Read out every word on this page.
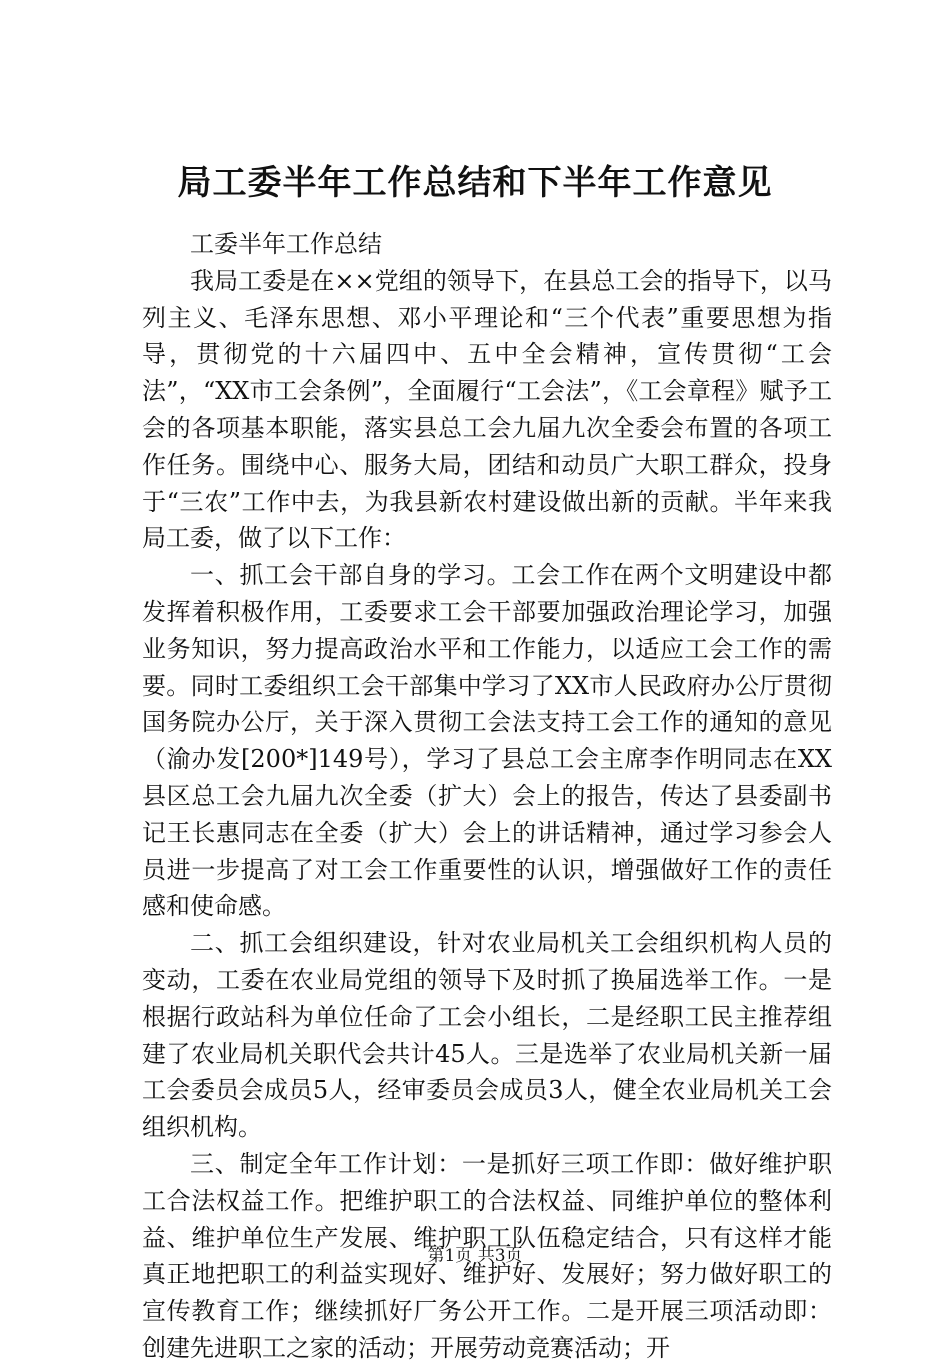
局工委半年工作总结和下半年工作意见

工委半年工作总结

我局工委是在××党组的领导下，在县总工会的指导下，以马列主义、毛泽东思想、邓小平理论和“三个代表”重要思想为指导，贯彻党的十六届四中、五中全会精神，宣传贯彻“工会法”，“XX市工会条例”，全面履行“工会法”，《工会章程》赋予工会的各项基本职能，落实县总工会九届九次全委会布置的各项工作任务。围绕中心、服务大局，团结和动员广大职工群众，投身于“三农”工作中去，为我县新农村建设做出新的贡献。半年来我局工委，做了以下工作：

一、抓工会干部自身的学习。工会工作在两个文明建设中都发挥着积极作用，工委要求工会干部要加强政治理论学习，加强业务知识，努力提高政治水平和工作能力，以适应工会工作的需要。同时工委组织工会干部集中学习了XX市人民政府办公厅贯彻国务院办公厅，关于深入贯彻工会法支持工会工作的通知的意见（渝办发[200*]149号），学习了县总工会主席李作明同志在XX县区总工会九届九次全委（扩大）会上的报告，传达了县委副书记王长惠同志在全委（扩大）会上的讲话精神，通过学习参会人员进一步提高了对工会工作重要性的认识，增强做好工作的责任感和使命感。

二、抓工会组织建设，针对农业局机关工会组织机构人员的变动，工委在农业局党组的领导下及时抓了换届选举工作。一是根据行政站科为单位任命了工会小组长，二是经职工民主推荐组建了农业局机关职代会共计45人。三是选举了农业局机关新一届工会委员会成员5人，经审委员会成员3人，健全农业局机关工会组织机构。

三、制定全年工作计划：一是抓好三项工作即：做好维护职工合法权益工作。把维护职工的合法权益、同维护单位的整体利益、维护单位生产发展、维护职工队伍稳定结合，只有这样才能真正地把职工的利益实现好、维护好、发展好；努力做好职工的宣传教育工作；继续抓好厂务公开工作。二是开展三项活动即：创建先进职工之家的活动；开展劳动竞赛活动；开

第1页 共3页
